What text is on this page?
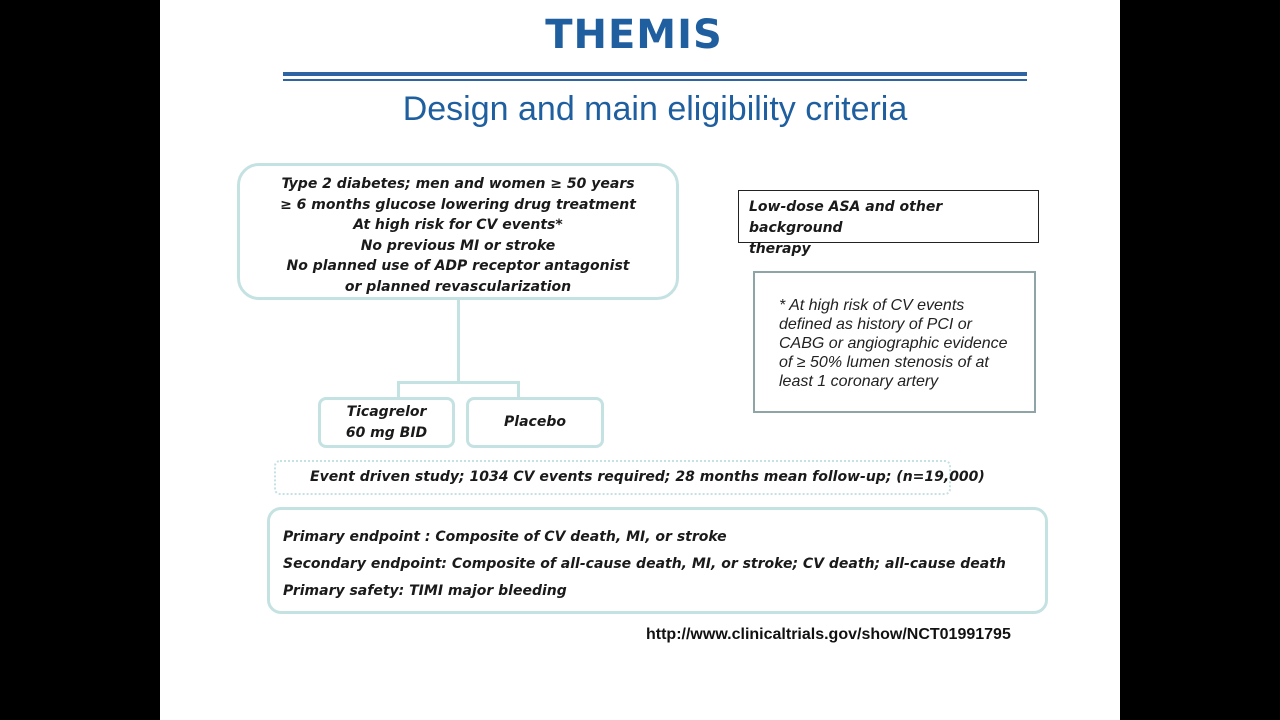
THEMIS
Design and main eligibility criteria
Type 2 diabetes; men and women ≥ 50 years
≥ 6 months glucose lowering drug treatment
At high risk for CV events*
No previous MI or stroke
No planned use of ADP receptor antagonist
or planned revascularization
Low-dose ASA and other background
therapy
* At high risk of CV events
defined as history of PCI or
CABG or angiographic evidence
of ≥ 50% lumen stenosis of at
least 1 coronary artery
Ticagrelor
60 mg BID
Placebo
Event driven study; 1034 CV events required; 28 months mean follow-up; (n=19,000)
Primary endpoint : Composite of CV death, MI, or stroke
Secondary endpoint: Composite of all-cause death, MI, or stroke; CV death; all-cause death
Primary safety: TIMI major bleeding
http://www.clinicaltrials.gov/show/NCT01991795
